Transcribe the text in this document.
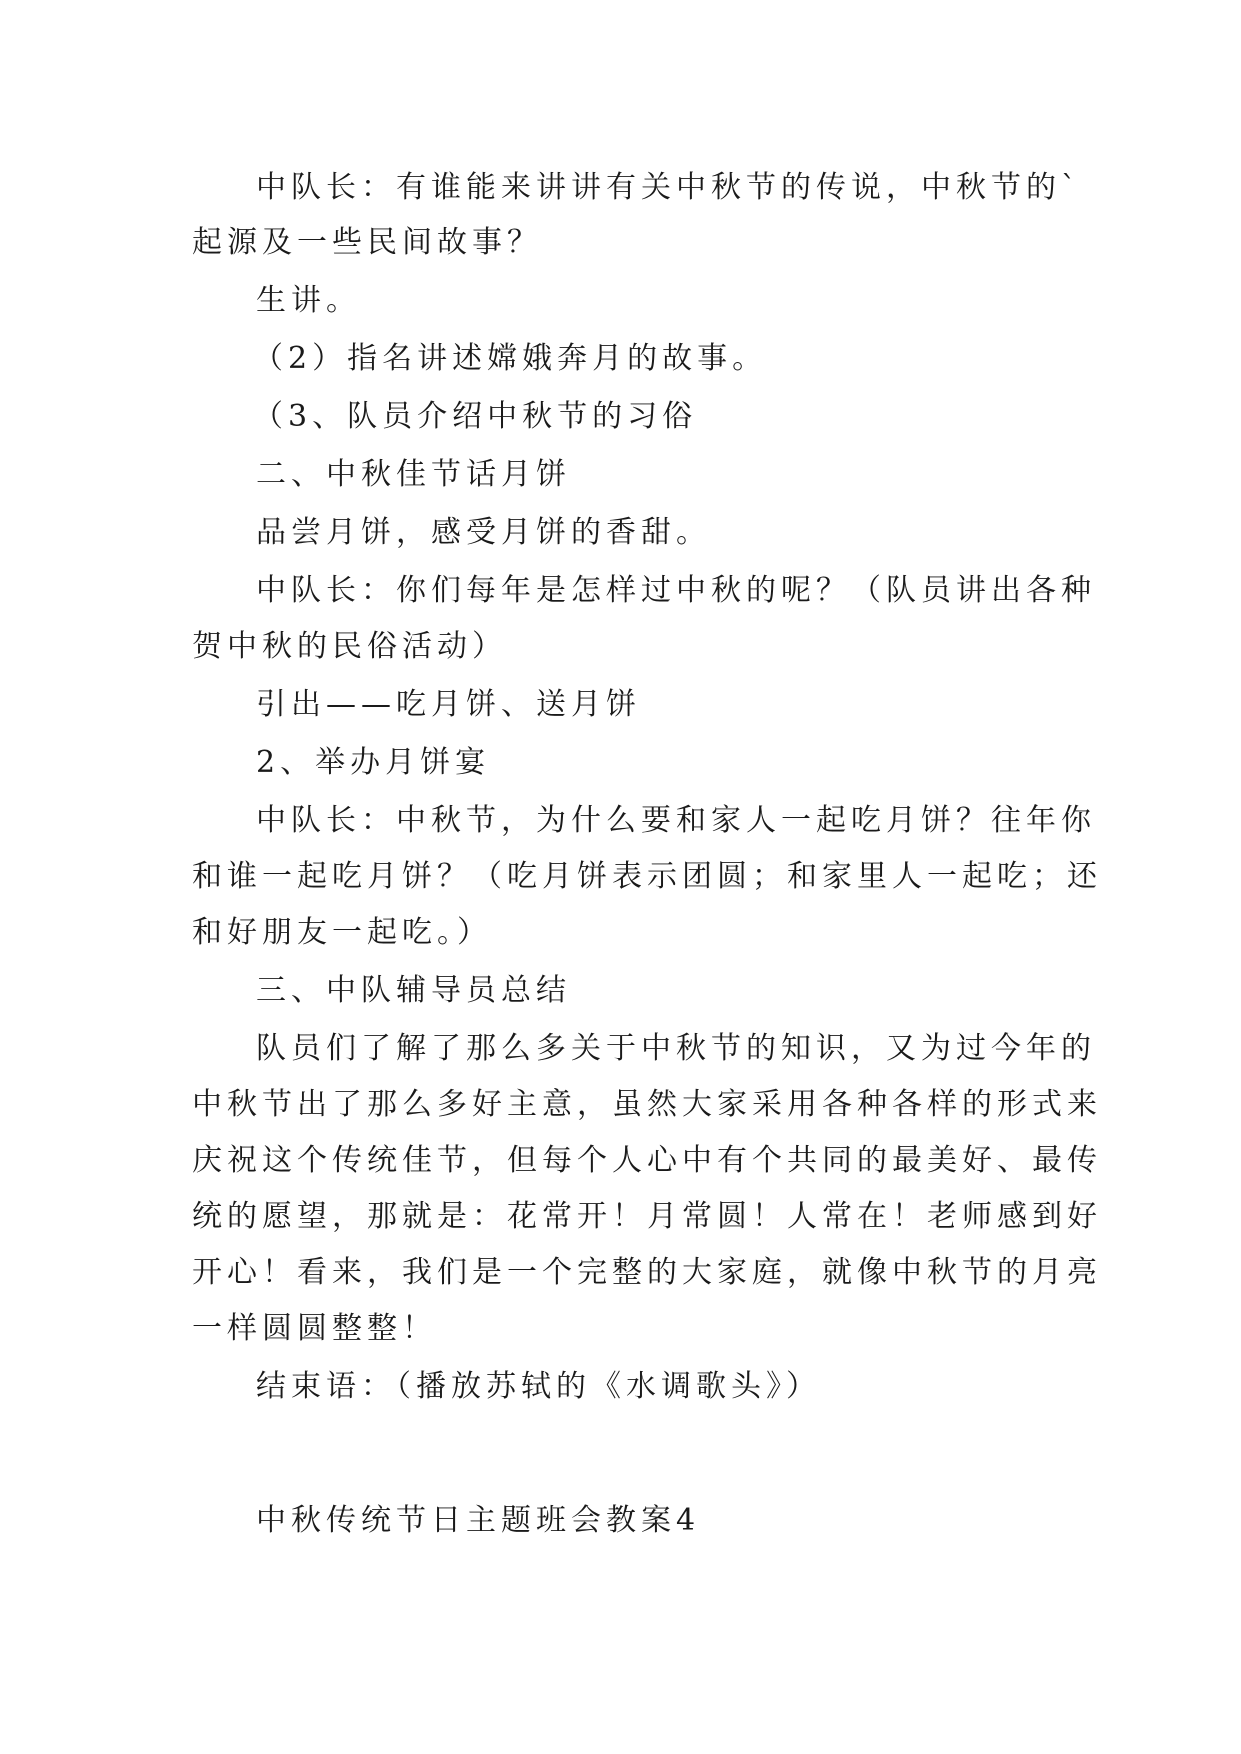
中队长：有谁能来讲讲有关中秋节的传说，中秋节的`
起源及一些民间故事？
生讲。
（2）指名讲述嫦娥奔月的故事。
（3、队员介绍中秋节的习俗
二、中秋佳节话月饼
品尝月饼，感受月饼的香甜。
中队长：你们每年是怎样过中秋的呢？（队员讲出各种
贺中秋的民俗活动）
引出——吃月饼、送月饼
2、举办月饼宴
中队长：中秋节，为什么要和家人一起吃月饼？往年你
和谁一起吃月饼？（吃月饼表示团圆；和家里人一起吃；还
和好朋友一起吃。）
三、中队辅导员总结
队员们了解了那么多关于中秋节的知识，又为过今年的
中秋节出了那么多好主意，虽然大家采用各种各样的形式来
庆祝这个传统佳节，但每个人心中有个共同的最美好、最传
统的愿望，那就是：花常开！月常圆！人常在！老师感到好
开心！看来，我们是一个完整的大家庭，就像中秋节的月亮
一样圆圆整整！
结束语：（播放苏轼的《水调歌头》）
中秋传统节日主题班会教案4
